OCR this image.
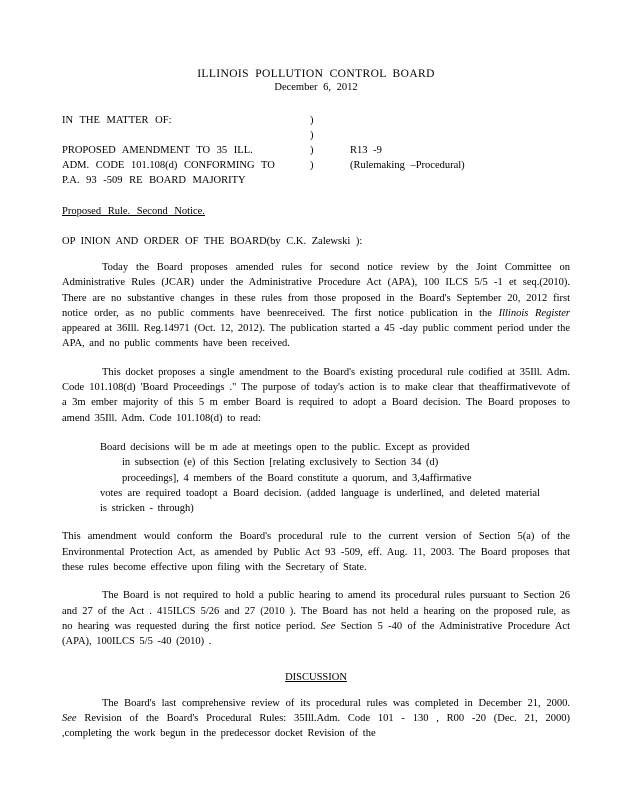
ILLINOIS POLLUTION CONTROL BOARD
December 6, 2012
IN THE MATTER OF:	)
)
PROPOSED AMENDMENT TO 35 ILL.	)	R13 -9
ADM. CODE 101.108(d) CONFORMING TO	)	(Rulemaking –Procedural)
P.A. 93 -509 RE BOARD MAJORITY
Proposed Rule. Second Notice.
OP INION AND ORDER OF THE BOARD(by C.K. Zalewski ):

Today the Board proposes amended rules for second notice review by the Joint Committee on Administrative Rules (JCAR) under the Administrative Procedure Act (APA), 100 ILCS 5/5 -1 et seq.(2010). There are no substantive changes in these rules from those proposed in the Board's September 20, 2012 first notice order, as no public comments have beenreceived. The first notice publication in the Illinois Register appeared at 36Ill. Reg.14971 (Oct. 12, 2012). The publication started a 45 -day public comment period under the APA, and no public comments have been received.

This docket proposes a single amendment to the Board's existing procedural rule codified at 35Ill. Adm. Code 101.108(d) 'Board Proceedings ." The purpose of today's action is to make clear that theaffirmativevote of a 3m ember majority of this 5 m ember Board is required to adopt a Board decision. The Board proposes to amend 35Ill. Adm. Code 101.108(d) to read:

Board decisions will be m ade at meetings open to the public. Except as provided
in subsection (e) of this Section [relating exclusively to Section 34 (d)
proceedings], 4 members of the Board constitute a quorum, and 3,4affirmative
votes are required toadopt a Board decision. (added language is underlined, and deleted material is stricken - through)

This amendment would conform the Board's procedural rule to the current version of Section 5(a) of the Environmental Protection Act, as amended by Public Act 93 -509, eff. Aug. 11, 2003. The Board proposes that these rules become effective upon filing with the Secretary of State.

The Board is not required to hold a public hearing to amend its procedural rules pursuant to Section 26 and 27 of the Act . 415ILCS 5/26 and 27 (2010 ). The Board has not held a hearing on the proposed rule, as no hearing was requested during the first notice period. See Section 5 -40 of the Administrative Procedure Act (APA), 100ILCS 5/5 -40 (2010) .

DISCUSSION

The Board's last comprehensive review of its procedural rules was completed in December 21, 2000. See Revision of the Board's Procedural Rules: 35Ill.Adm. Code 101 - 130 , R00 -20 (Dec. 21, 2000) ,completing the work begun in the predecessor docket Revision of the
